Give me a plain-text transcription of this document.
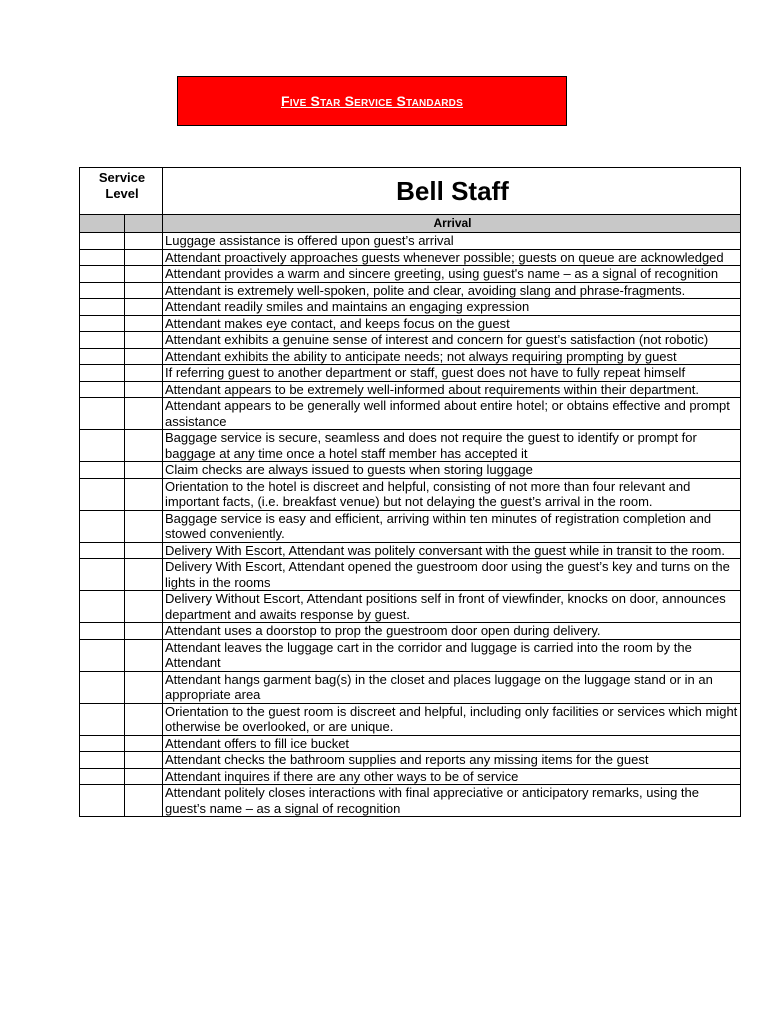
Five Star Service Standards
Service Level		Bell Staff
		Arrival
		Luggage assistance is offered upon guest’s arrival
		Attendant proactively approaches guests whenever possible; guests on queue are acknowledged
		Attendant provides a warm and sincere greeting, using guest's name – as a signal of recognition
		Attendant is extremely well-spoken, polite and clear, avoiding slang and phrase-fragments.
		Attendant readily smiles and maintains an engaging expression
		Attendant makes eye contact, and keeps focus on the guest
		Attendant exhibits a genuine sense of interest and concern for guest’s satisfaction (not robotic)
		Attendant exhibits the ability to anticipate needs; not always requiring prompting by guest
		If referring guest to another department or staff, guest does not have to fully repeat himself
		Attendant appears to be extremely well-informed about requirements within their department.
		Attendant appears to be generally well informed about entire hotel; or obtains effective and prompt assistance
		Baggage service is secure, seamless and does not require the guest to identify or prompt for baggage at any time once a hotel staff member has accepted it
		Claim checks are always issued to guests when storing luggage
		Orientation to the hotel is discreet and helpful, consisting of not more than four relevant and important facts, (i.e. breakfast venue) but not delaying the guest’s arrival in the room.
		Baggage service is easy and efficient, arriving within ten minutes of registration completion and stowed conveniently.
		Delivery With Escort, Attendant was politely conversant with the guest while in transit to the room.
		Delivery With Escort, Attendant opened the guestroom door using the guest’s key and turns on the lights in the rooms
		Delivery Without Escort, Attendant positions self in front of viewfinder, knocks on door, announces department and awaits response by guest.
		Attendant uses a doorstop to prop the guestroom door open during delivery.
		Attendant leaves the luggage cart in the corridor and luggage is carried into the room by the Attendant
		Attendant hangs garment bag(s) in the closet and places luggage on the luggage stand or in an appropriate area
		Orientation to the guest room is discreet and helpful, including only facilities or services which might otherwise be overlooked, or are unique.
		Attendant offers to fill ice bucket
		Attendant checks the bathroom supplies and reports any missing items for the guest
		Attendant inquires if there are any other ways to be of service
		Attendant politely closes interactions with final appreciative or anticipatory remarks, using the guest’s name – as a signal of recognition
